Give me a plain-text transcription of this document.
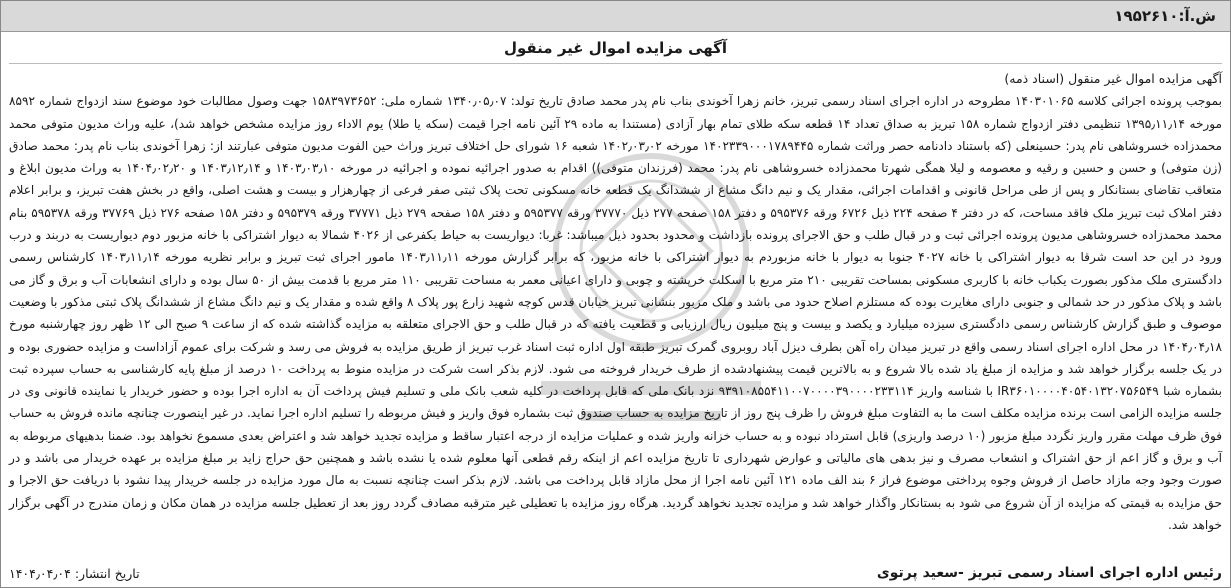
ش.آ:۱۹۵۲۶۱۰
آگهی مزایده اموال غیر منقول
آگهی مزایده اموال غیر منقول (اسناد ذمه)
بموجب پرونده اجرائی کلاسه ۱۴۰۳۰۱۰۶۵ مطروحه در اداره اجرای اسناد رسمی تبریز، خانم زهرا آخوندی بناب نام پدر محمد صادق تاریخ تولد: ۱۳۴۰٫۰۵٫۰۷ شماره ملی: ۱۵۸۳۹۷۳۶۵۲ جهت وصول مطالبات خود موضوع سند ازدواج شماره ۸۵۹۲ مورخه ۱۳۹۵٫۱۱٫۱۴ تنظیمی دفتر ازدواج شماره ۱۵۸ تبریز به صداق تعداد ۱۴ قطعه سکه طلای تمام بهار آزادی (مستندا به ماده ۲۹ آئین نامه اجرا قیمت (سکه یا طلا) یوم الاداء روز مزایده مشخص خواهد شد)، علیه وراث مدیون متوفی محمد محمدزاده خسروشاهی نام پدر: حسینعلی (که باستناد دادنامه حصر وراثت شماره ۱۴۰۲۳۳۹۰۰۰۱۷۸۹۴۴۵ مورخه ۱۴۰۲٫۰۳٫۰۲ شعبه ۱۶ شورای حل اختلاف تبریز وراث حین الفوت مدیون متوفی عبارتند از: زهرا آخوندی بناب نام پدر: محمد صادق (زن متوفی) و حسن و حسین و رقیه و معصومه و لیلا همگی شهرتا محمدزاده خسروشاهی نام پدر: محمد (فرزندان متوفی)) اقدام به صدور اجرائیه نموده و اجرائیه در مورخه ۱۴۰۳٫۰۳٫۱۰ و ۱۴۰۳٫۱۲٫۱۴ و ۱۴۰۴٫۰۲٫۲۰ به وراث مدیون ابلاغ و متعاقب تقاضای بستانکار و پس از طی مراحل قانونی و اقدامات اجرائی، مقدار یک و نیم دانگ مشاع از ششدانگ یک قطعه خانه مسکونی تحت پلاک ثبتی صفر فرعی از چهارهزار و بیست و هشت اصلی، واقع در بخش هفت تبریز، و برابر اعلام دفتر املاک ثبت تبریز ملک فاقد مساحت، که در دفتر ۴ صفحه ۲۲۴ ذیل ۶۷۲۶ ورقه ۵۹۵۳۷۶ و دفتر ۱۵۸ صفحه ۲۷۷ ذیل ۳۷۷۷۰ ورقه ۵۹۵۳۷۷ و دفتر ۱۵۸ صفحه ۲۷۹ ذیل ۳۷۷۷۱ ورقه ۵۹۵۳۷۹ و دفتر ۱۵۸ صفحه ۲۷۶ ذیل ۳۷۷۶۹ ورقه ۵۹۵۳۷۸ بنام محمد محمدزاده خسروشاهی مدیون پرونده اجرائی ثبت و در قبال طلب و حق الاجرای پرونده بازداشت و محدود بحدود ذیل میباشد: غربا: دیواریست به حیاط بکفرعی از ۴۰۲۶ شمالا به دیوار اشتراکی با خانه مزبور دوم دیواریست به دربند و درب ورود در این حد است شرقا به دیوار اشتراکی با خانه ۴۰۲۷ جنوبا به دیوار با خانه مزبوردم به دیوار اشتراکی با خانه مزبور، که برابر گزارش مورخه ۱۴۰۳٫۱۱٫۱۱ مامور اجرای ثبت تبریز و برابر نظریه مورخه ۱۴۰۳٫۱۱٫۱۴ کارشناس رسمی دادگستری ملک مذکور بصورت یکباب خانه با کاربری مسکونی بمساحت تقریبی ۲۱۰ متر مربع با اسکلت خرپشته و چوبی و دارای اعیانی معمر به مساحت تقریبی ۱۱۰ متر مربع با قدمت بیش از ۵۰ سال بوده و دارای انشعابات آب و برق و گاز می باشد و پلاک مذکور در حد شمالی و جنوبی دارای مغایرت بوده که مستلزم اصلاح حدود می باشد و ملک مزبور بنشانی تبریز خیابان قدس کوچه شهید زارع پور پلاک ۸ واقع شده و مقدار یک و نیم دانگ مشاع از ششدانگ پلاک ثبتی مذکور با وضعیت موصوف و طبق گزارش کارشناس رسمی دادگستری سیزده میلیارد و یکصد و بیست و پنج میلیون ریال ارزیابی و قطعیت یافته که در قبال طلب و حق الاجرای متعلقه به مزایده گذاشته شده که از ساعت ۹ صبح الی ۱۲ ظهر روز چهارشنبه مورخ ۱۴۰۴٫۰۴٫۱۸ در محل اداره اجرای اسناد رسمی واقع در تبریز میدان راه آهن بطرف دیزل آباد روبروی گمرک تبریز طبقه اول اداره ثبت اسناد غرب تبریز از طریق مزایده به فروش می رسد و شرکت برای عموم آزاداست و مزایده حضوری بوده و در یک جلسه برگزار خواهد شد و مزایده از مبلغ یاد شده بالا شروع و به بالاترین قیمت پیشنهادشده از طرف خریدار فروخته می شود. لازم بذکر است شرکت در مزایده منوط به پرداخت ۱۰ درصد از مبلغ پایه کارشناسی به حساب سپرده ثبت بشماره شبا IR۳۶۰۱۰۰۰۰۴۰۵۴۰۱۳۲۰۷۵۶۵۴۹ با شناسه واریز ۹۳۹۱۰۸۵۵۴۱۱۰۰۷۰۰۰۰۳۹۰۰۰۰۲۳۳۱۱۴ نزد بانک ملی که قابل پرداخت در کلیه شعب بانک ملی و تسلیم فیش پرداخت آن به اداره اجرا بوده و حضور خریدار یا نماینده قانونی وی در جلسه مزایده الزامی است برنده مزایده مکلف است ما به التفاوت مبلغ فروش را ظرف پنج روز از تاریخ مزایده به حساب صندوق ثبت بشماره فوق واریز و فیش مربوطه را تسلیم اداره اجرا نماید. در غیر اینصورت چنانچه مانده فروش به حساب فوق ظرف مهلت مقرر واریز نگردد مبلغ مزبور (۱۰ درصد واریزی) قابل استرداد نبوده و به حساب خزانه واریز شده و عملیات مزایده از درجه اعتبار ساقط و مزایده تجدید خواهد شد و اعتراض بعدی مسموع نخواهد بود. ضمنا بدهیهای مربوطه به آب و برق و گاز اعم از حق اشتراک و انشعاب مصرف و نیز بدهی های مالیاتی و عوارض شهرداری تا تاریخ مزایده اعم از اینکه رقم قطعی آنها معلوم شده یا نشده باشد و همچنین حق حراج زاید بر مبلغ مزایده بر عهده خریدار می باشد و در صورت وجود وجه مازاد حاصل از فروش وجوه پرداختی موضوع فراز ۶ بند الف ماده ۱۲۱ آئین نامه اجرا از محل مازاد قابل پرداخت می باشد. لازم بذکر است چنانچه نسبت به مال مورد مزایده در جلسه خریدار پیدا نشود با دریافت حق الاجرا و حق مزایده به قیمتی که مزایده از آن شروع می شود به بستانکار واگذار خواهد شد و مزایده تجدید نخواهد گردید. هرگاه روز مزایده با تعطیلی غیر مترقبه مصادف گردد روز بعد از تعطیل جلسه مزایده در همان مکان و زمان مندرج در آگهی برگزار خواهد شد.
تاریخ انتشار: ۱۴۰۴٫۰۴٫۰۴	رئیس اداره اجرای اسناد رسمی تبریز -سعید پرتوی
